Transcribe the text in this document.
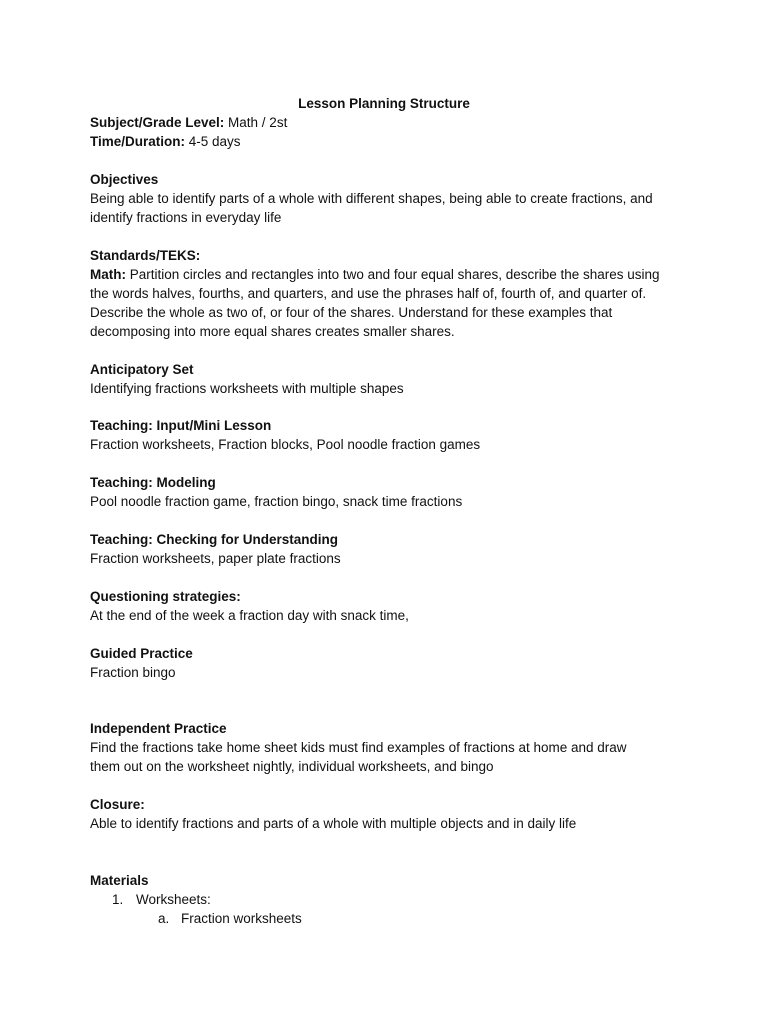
Lesson Planning Structure

Subject/Grade Level: Math / 2st

Time/Duration: 4-5 days

Objectives

Being able to identify parts of a whole with different shapes, being able to create fractions, and

identify fractions in everyday life

Standards/TEKS:

Math: Partition circles and rectangles into two and four equal shares, describe the shares using

the words halves, fourths, and quarters, and use the phrases half of, fourth of, and quarter of.

Describe the whole as two of, or four of the shares. Understand for these examples that

decomposing into more equal shares creates smaller shares.

Anticipatory Set

Identifying fractions worksheets with multiple shapes

Teaching: Input/Mini Lesson

Fraction worksheets, Fraction blocks, Pool noodle fraction games

Teaching: Modeling

Pool noodle fraction game, fraction bingo, snack time fractions

Teaching: Checking for Understanding

Fraction worksheets, paper plate fractions

Questioning strategies:

At the end of the week a fraction day with snack time,

Guided Practice

Fraction bingo

Independent Practice

Find the fractions take home sheet kids must find examples of fractions at home and draw

them out on the worksheet nightly, individual worksheets, and bingo

Closure:

Able to identify fractions and parts of a whole with multiple objects and in daily life

Materials

1. Worksheets:
a. Fraction worksheets
